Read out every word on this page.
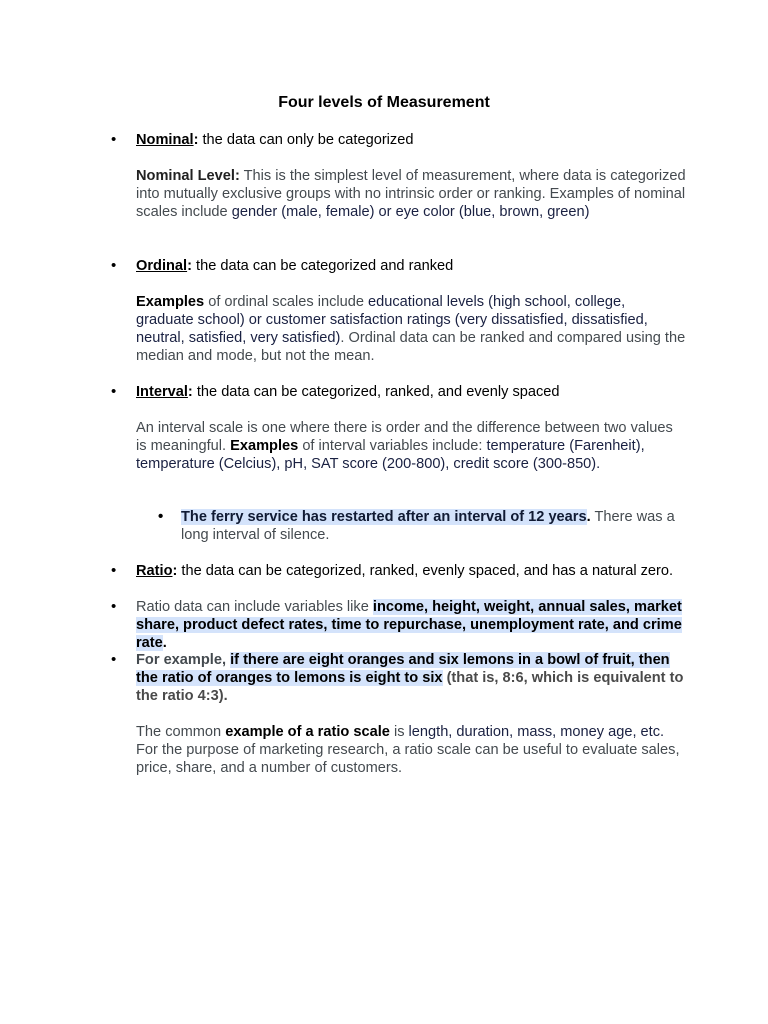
Four levels of Measurement
• Nominal: the data can only be categorized
Nominal Level: This is the simplest level of measurement, where data is categorized into mutually exclusive groups with no intrinsic order or ranking. Examples of nominal scales include gender (male, female) or eye color (blue, brown, green)
• Ordinal: the data can be categorized and ranked
Examples of ordinal scales include educational levels (high school, college, graduate school) or customer satisfaction ratings (very dissatisfied, dissatisfied, neutral, satisfied, very satisfied). Ordinal data can be ranked and compared using the median and mode, but not the mean.
• Interval: the data can be categorized, ranked, and evenly spaced
An interval scale is one where there is order and the difference between two values is meaningful. Examples of interval variables include: temperature (Farenheit), temperature (Celcius), pH, SAT score (200-800), credit score (300-850).
• The ferry service has restarted after an interval of 12 years. There was a long interval of silence.
• Ratio: the data can be categorized, ranked, evenly spaced, and has a natural zero.
• Ratio data can include variables like income, height, weight, annual sales, market share, product defect rates, time to repurchase, unemployment rate, and crime rate.
• For example, if there are eight oranges and six lemons in a bowl of fruit, then the ratio of oranges to lemons is eight to six (that is, 8:6, which is equivalent to the ratio 4:3).
The common example of a ratio scale is length, duration, mass, money age, etc. For the purpose of marketing research, a ratio scale can be useful to evaluate sales, price, share, and a number of customers.
